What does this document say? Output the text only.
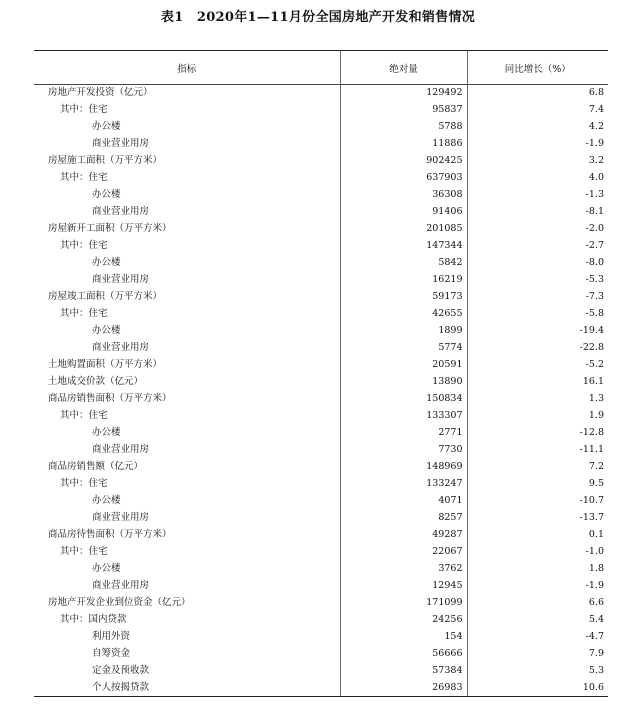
表1　2020年1—11月份全国房地产开发和销售情况
指标	绝对量	同比增长（%）
房地产开发投资（亿元）	129492	6.8
其中：住宅	95837	7.4
办公楼	5788	4.2
商业营业用房	11886	-1.9
房屋施工面积（万平方米）	902425	3.2
其中：住宅	637903	4.0
办公楼	36308	-1.3
商业营业用房	91406	-8.1
房屋新开工面积（万平方米）	201085	-2.0
其中：住宅	147344	-2.7
办公楼	5842	-8.0
商业营业用房	16219	-5.3
房屋竣工面积（万平方米）	59173	-7.3
其中：住宅	42655	-5.8
办公楼	1899	-19.4
商业营业用房	5774	-22.8
土地购置面积（万平方米）	20591	-5.2
土地成交价款（亿元）	13890	16.1
商品房销售面积（万平方米）	150834	1.3
其中：住宅	133307	1.9
办公楼	2771	-12.8
商业营业用房	7730	-11.1
商品房销售额（亿元）	148969	7.2
其中：住宅	133247	9.5
办公楼	4071	-10.7
商业营业用房	8257	-13.7
商品房待售面积（万平方米）	49287	0.1
其中：住宅	22067	-1.0
办公楼	3762	1.8
商业营业用房	12945	-1.9
房地产开发企业到位资金（亿元）	171099	6.6
其中：国内贷款	24256	5.4
利用外资	154	-4.7
自筹资金	56666	7.9
定金及预收款	57384	5.3
个人按揭贷款	26983	10.6
